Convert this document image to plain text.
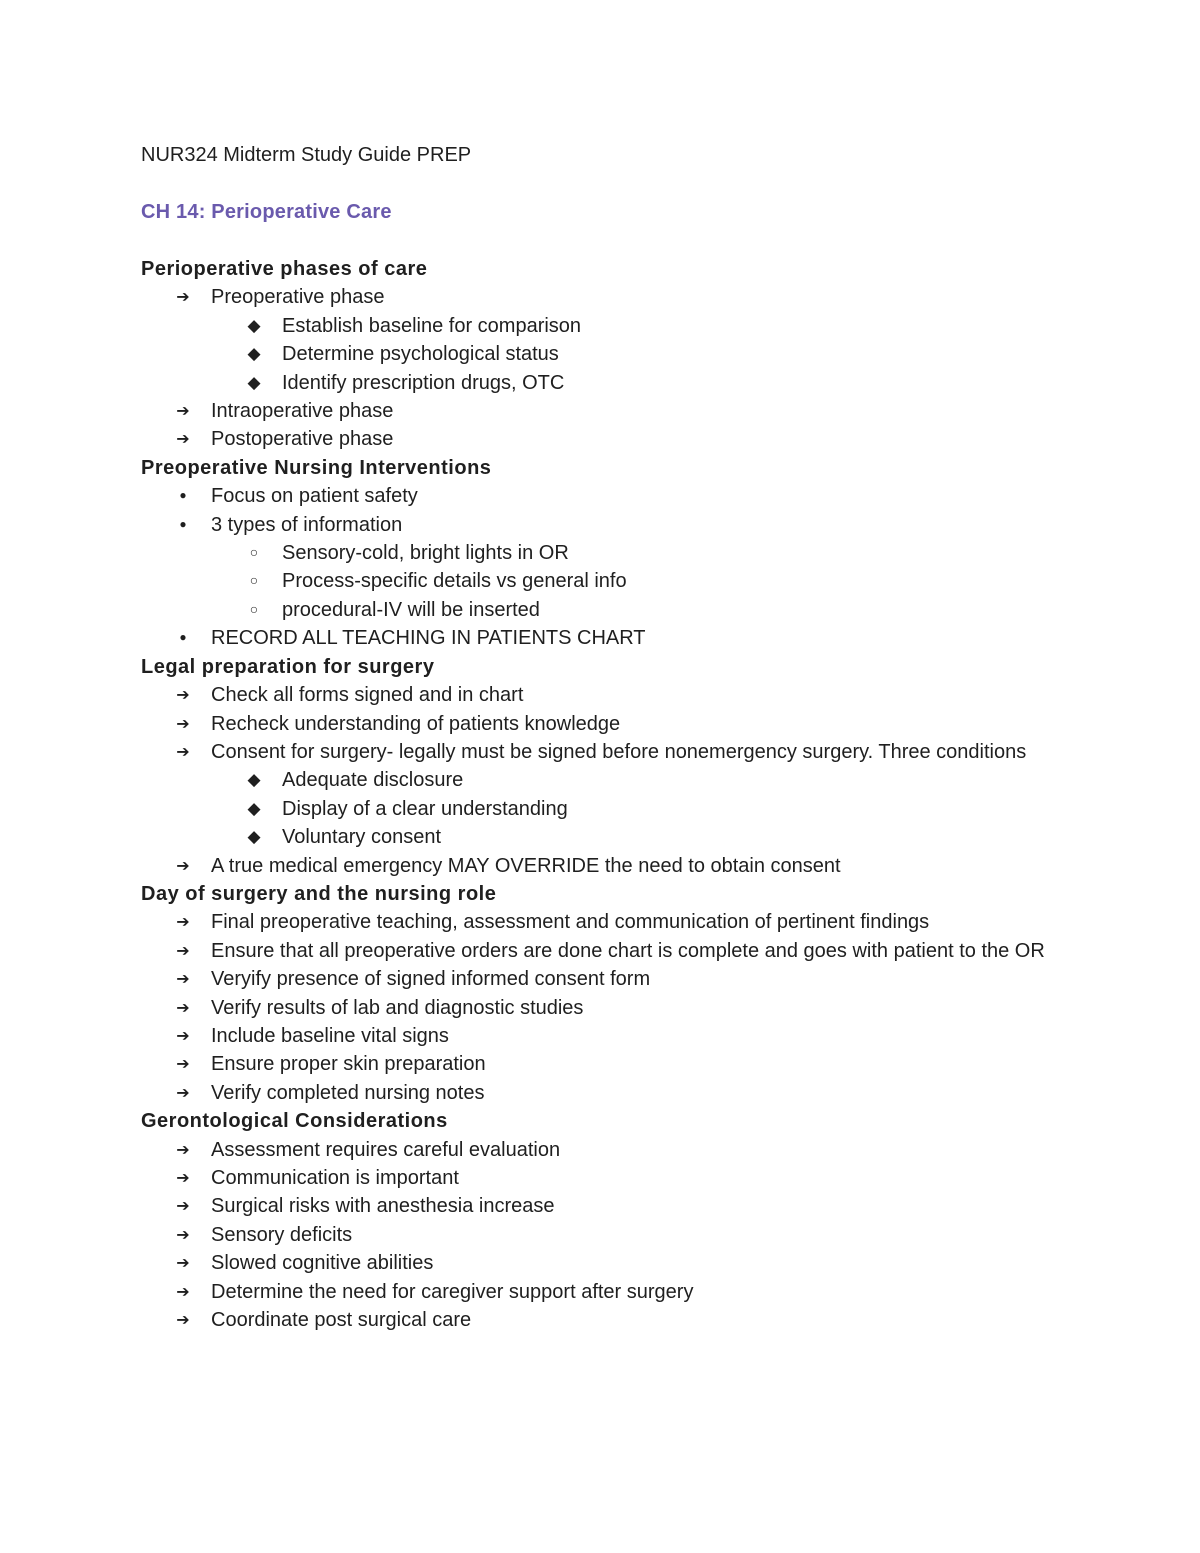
NUR324 Midterm Study Guide PREP
CH 14: Perioperative Care
Perioperative phases of care
➔
Preoperative phase
◆
Establish baseline for comparison
◆
Determine psychological status
◆
Identify prescription drugs, OTC
➔
Intraoperative phase
➔
Postoperative phase
Preoperative Nursing Interventions
●
Focus on patient safety
●
3 types of information
○
Sensory-cold, bright lights in OR
○
Process-specific details vs general info
○
procedural-IV will be inserted
●
RECORD ALL TEACHING IN PATIENTS CHART
Legal preparation for surgery
➔
Check all forms signed and in chart
➔
Recheck understanding of patients knowledge
➔
Consent for surgery- legally must be signed before nonemergency surgery. Three conditions
◆
Adequate disclosure
◆
Display of a clear understanding
◆
Voluntary consent
➔
A true medical emergency MAY OVERRIDE the need to obtain consent
Day of surgery and the nursing role
➔
Final preoperative teaching, assessment and communication of pertinent findings
➔
Ensure that all preoperative orders are done chart is complete and goes with patient to the OR
➔
Veryify presence of signed informed consent form
➔
Verify results of lab and diagnostic studies
➔
Include baseline vital signs
➔
Ensure proper skin preparation
➔
Verify completed nursing notes
Gerontological Considerations
➔
Assessment requires careful evaluation
➔
Communication is important
➔
Surgical risks with anesthesia increase
➔
Sensory deficits
➔
Slowed cognitive abilities
➔
Determine the need for caregiver support after surgery
➔
Coordinate post surgical care
